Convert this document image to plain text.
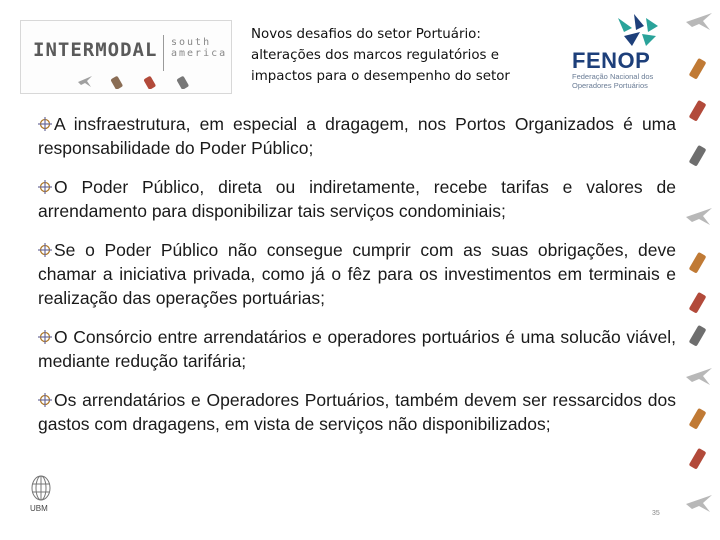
INTERMODAL south america

Novos desafios do setor Portuário:
alterações dos marcos regulatórios e
impactos para o desempenho do setor
FENOP
Federação Nacional dos Operadores Portuários

A insfraestrutura, em especial a dragagem, nos Portos Organizados é uma responsabilidade do Poder Público;

O Poder Público, direta ou indiretamente, recebe tarifas e valores de arrendamento para disponibilizar tais serviços condominiais;

Se o Poder Público não consegue cumprir com as suas obrigações, deve chamar a iniciativa privada, como já o fêz para os investimentos em terminais e realização das operações portuárias;

O Consórcio entre arrendatários e operadores portuários é uma solucão viável, mediante redução tarifária;

Os arrendatários e Operadores Portuários, também devem ser ressarcidos dos gastos com dragagens, em vista de serviços não disponibilizados;

UBM
35
